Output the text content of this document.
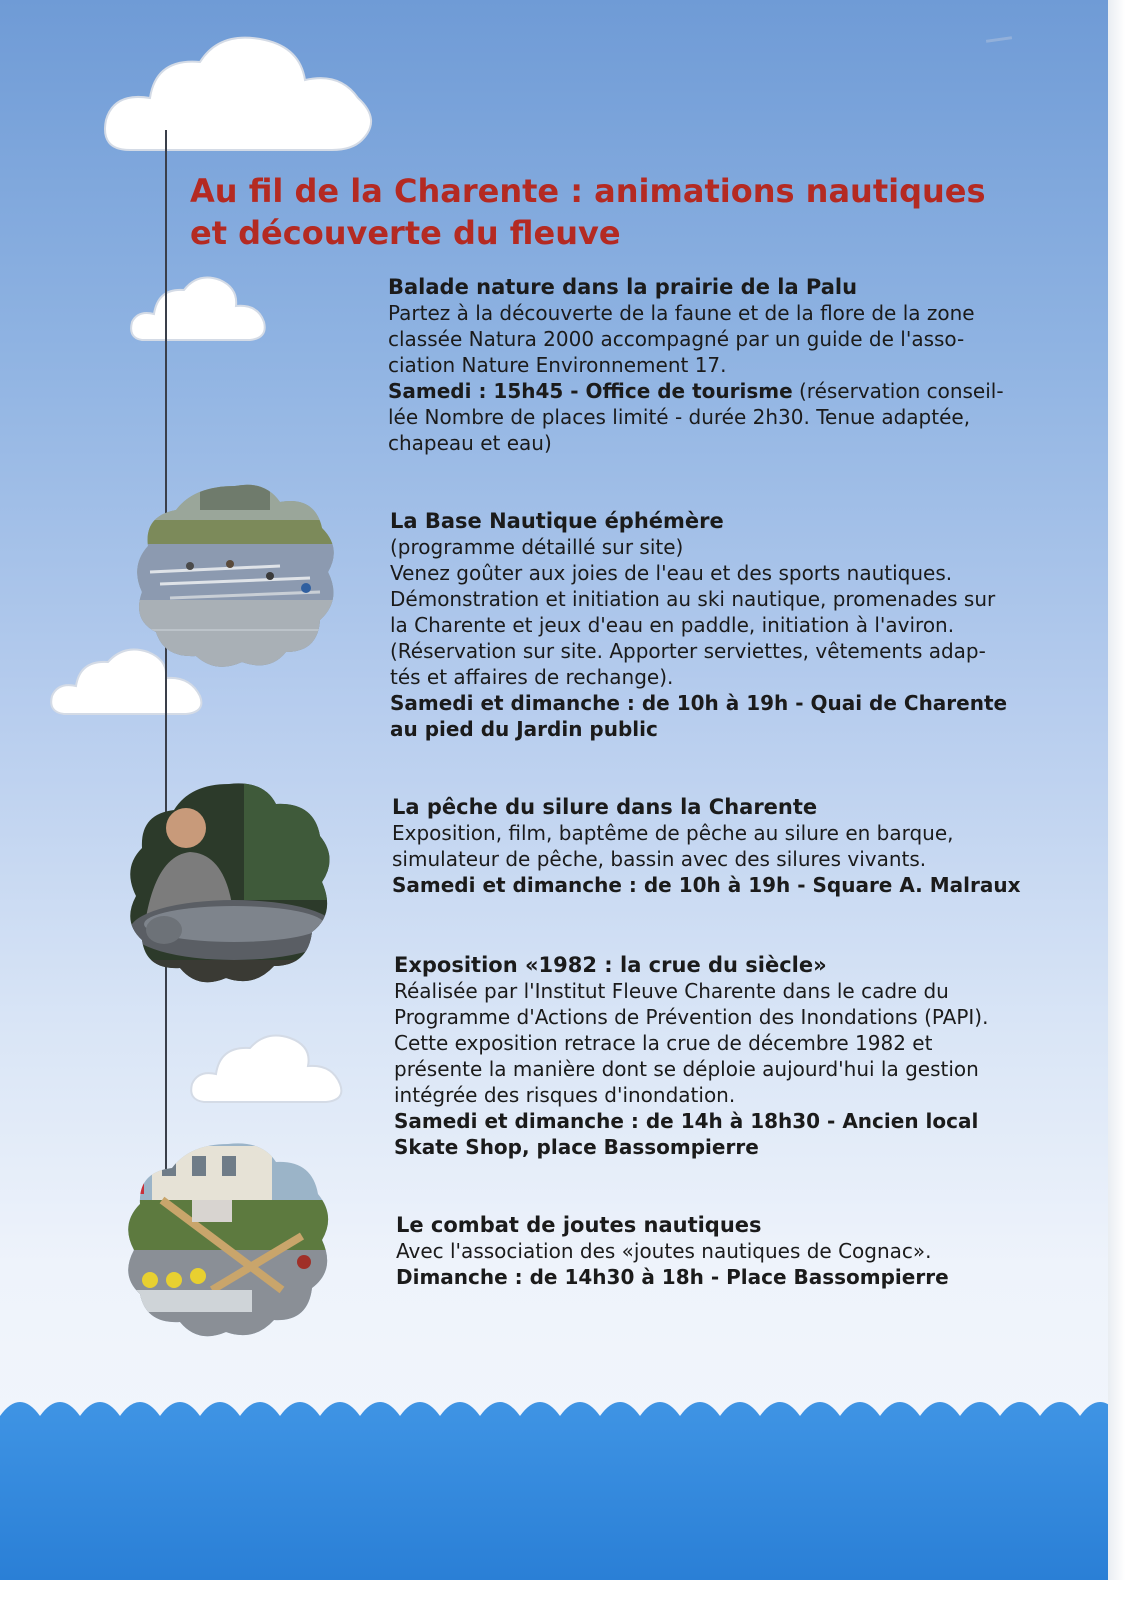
Au fil de la Charente : animations nautiques
et découverte du fleuve
Balade nature dans la prairie de la Palu
Partez à la découverte de la faune et de la flore de la zone
classée Natura 2000 accompagné par un guide de l'asso-
ciation Nature Environnement 17.
Samedi : 15h45 - Office de tourisme (réservation conseil-
lée Nombre de places limité - durée 2h30. Tenue adaptée,
chapeau et eau)
La Base Nautique éphémère
(programme détaillé sur site)
Venez goûter aux joies de l'eau et des sports nautiques.
Démonstration et initiation au ski nautique, promenades sur
la Charente et jeux d'eau en paddle, initiation à l'aviron.
(Réservation sur site. Apporter serviettes, vêtements adap-
tés et affaires de rechange).
Samedi et dimanche : de 10h à 19h - Quai de Charente
au pied du Jardin public
La pêche du silure dans la Charente
Exposition, film, baptême de pêche au silure en barque,
simulateur de pêche, bassin avec des silures vivants.
Samedi et dimanche : de 10h à 19h - Square A. Malraux
Exposition «1982 : la crue du siècle»
Réalisée par l'Institut Fleuve Charente dans le cadre du
Programme d'Actions de Prévention des Inondations (PAPI).
Cette exposition retrace la crue de décembre 1982 et
présente la manière dont se déploie aujourd'hui la gestion
intégrée des risques d'inondation.
Samedi et dimanche : de 14h à 18h30 - Ancien local
Skate Shop, place Bassompierre
Le combat de joutes nautiques
Avec l'association des «joutes nautiques de Cognac».
Dimanche : de 14h30 à 18h - Place Bassompierre
